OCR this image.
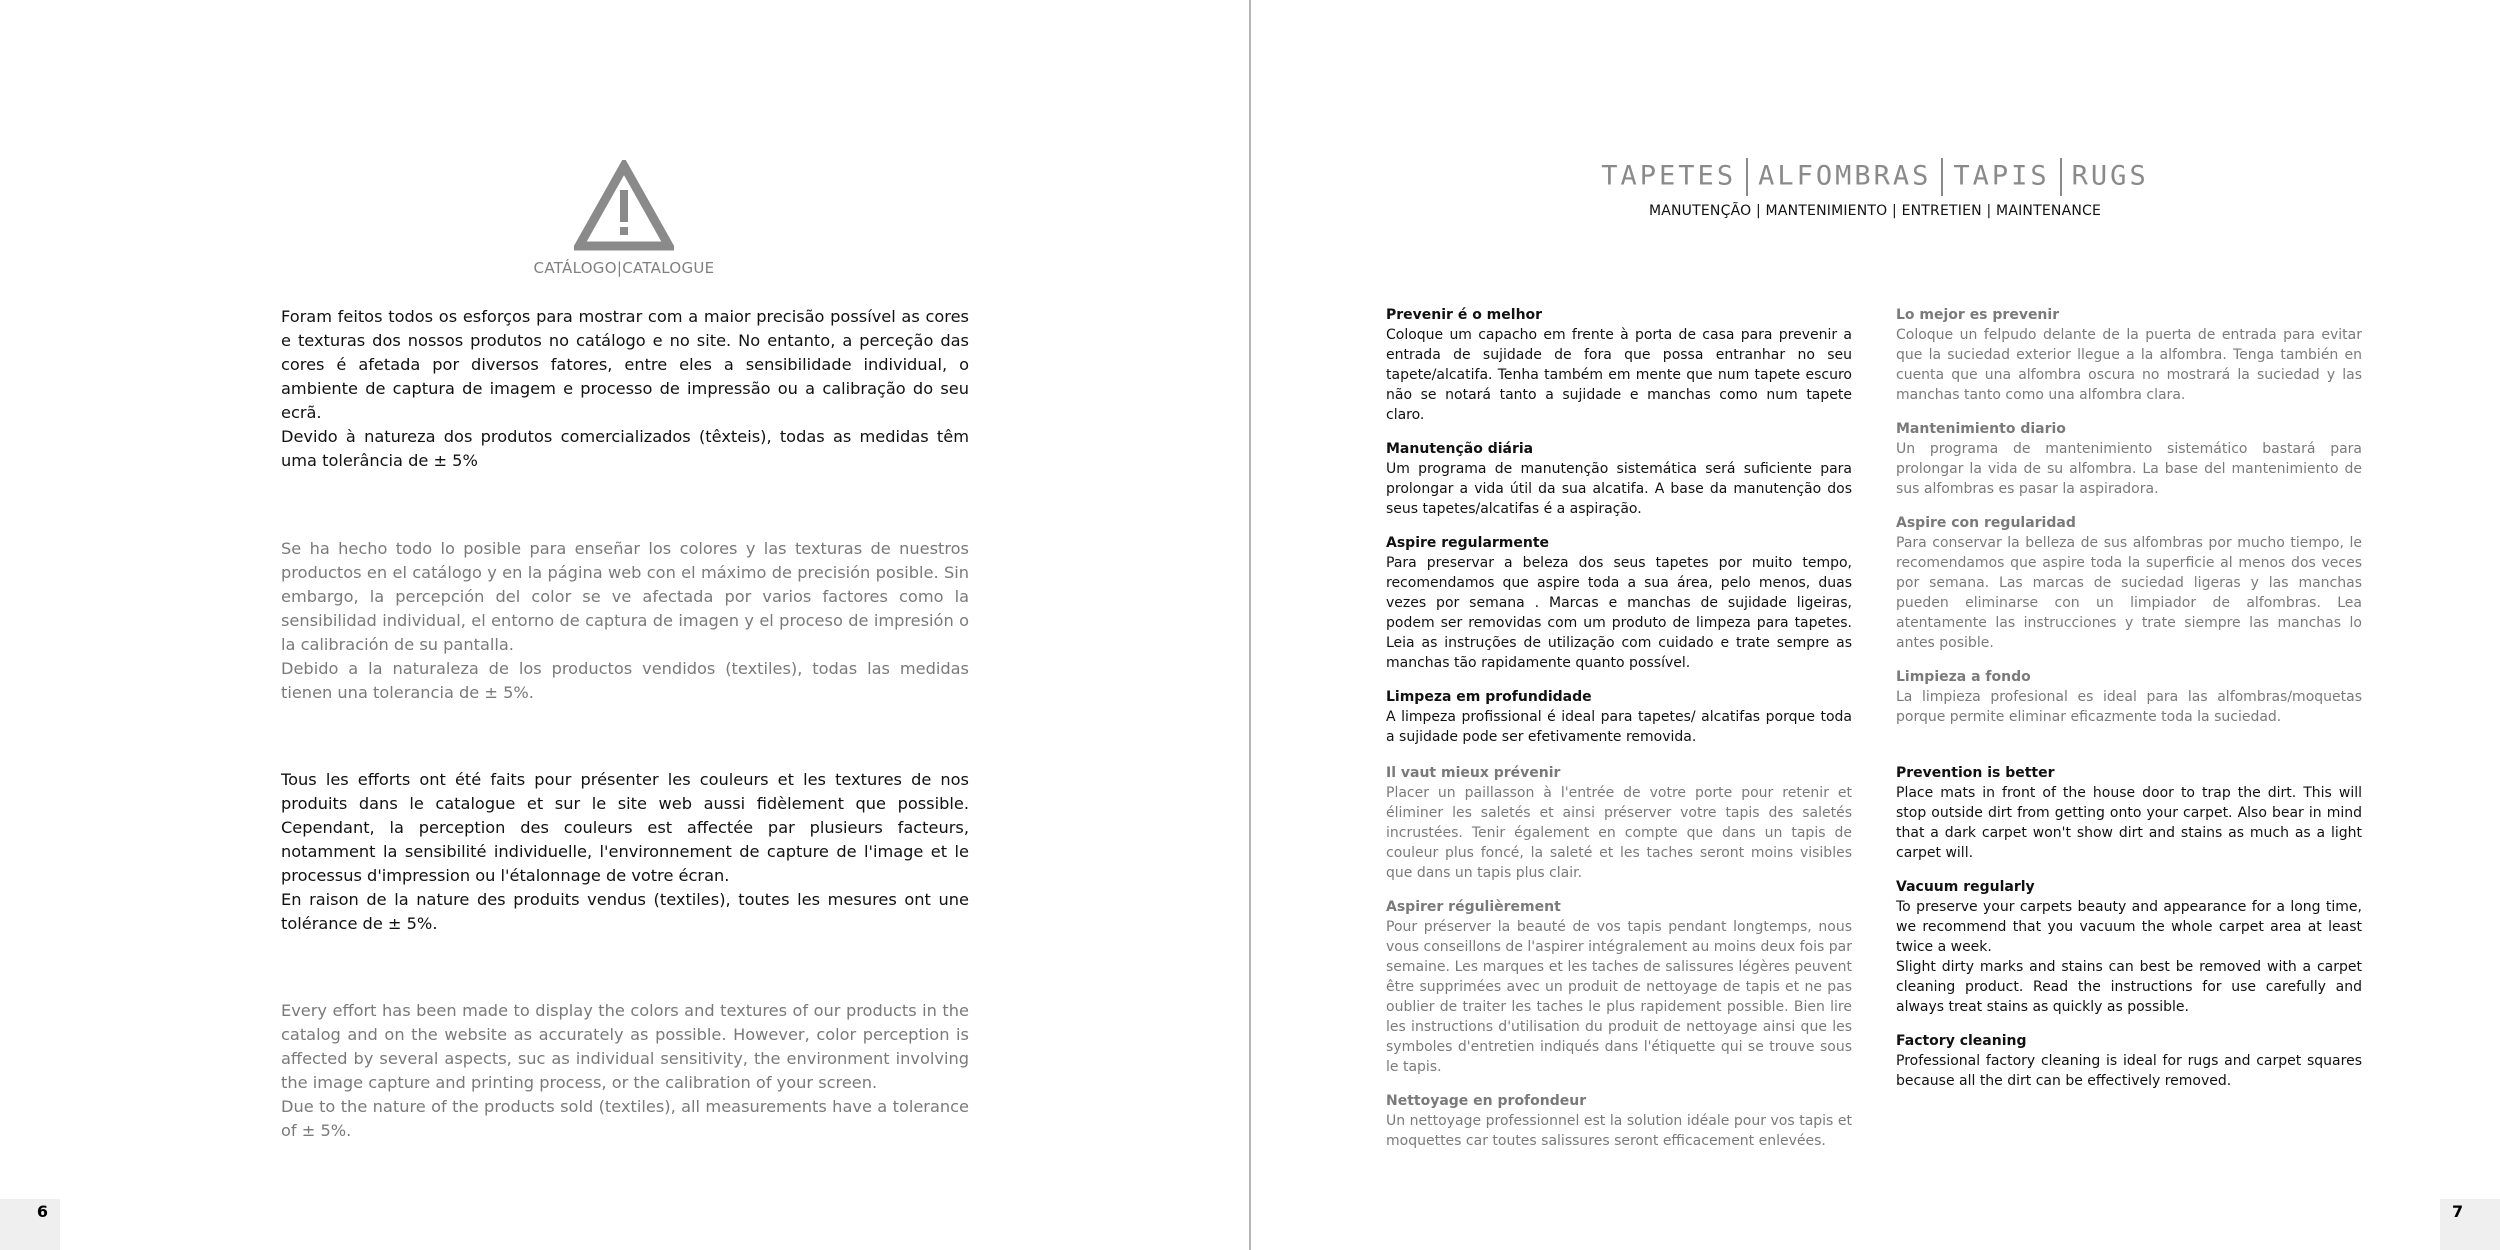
CATÁLOGO|CATALOGUE

Foram feitos todos os esforços para mostrar com a maior precisão possível as cores e texturas dos nossos produtos no catálogo e no site. No entanto, a perceção das cores é afetada por diversos fatores, entre eles a sensibilidade individual, o ambiente de captura de imagem e processo de impressão ou a calibração do seu ecrã.

Devido à natureza dos produtos comercializados (têxteis), todas as medidas têm uma tolerância de ± 5%

Se ha hecho todo lo posible para enseñar los colores y las texturas de nuestros productos en el catálogo y en la página web con el máximo de precisión posible. Sin embargo, la percepción del color se ve afectada por varios factores como la sensibilidad individual, el entorno de captura de imagen y el proceso de impresión o la calibración de su pantalla.

Debido a la naturaleza de los productos vendidos (textiles), todas las medidas tienen una tolerancia de ± 5%.

Tous les efforts ont été faits pour présenter les couleurs et les textures de nos produits dans le catalogue et sur le site web aussi fidèlement que possible. Cependant, la perception des couleurs est affectée par plusieurs facteurs, notamment la sensibilité individuelle, l'environnement de capture de l'image et le processus d'impression ou l'étalonnage de votre écran.

En raison de la nature des produits vendus (textiles), toutes les mesures ont une tolérance de ± 5%.

Every effort has been made to display the colors and textures of our products in the catalog and on the website as accurately as possible. However, color perception is affected by several aspects, suc as individual sensitivity, the environment involving the image capture and printing process, or the calibration of your screen.

Due to the nature of the products sold (textiles), all measurements have a tolerance of ± 5%.

6
TAPETES ALFOMBRAS TAPIS RUGS
MANUTENÇÃO | MANTENIMIENTO | ENTRETIEN | MAINTENANCE
Prevenir é o melhor
Coloque um capacho em frente à porta de casa para prevenir a entrada de sujidade de fora que possa entranhar no seu tapete/alcatifa. Tenha também em mente que num tapete escuro não se notará tanto a sujidade e manchas como num tapete claro.
Manutenção diária
Um programa de manutenção sistemática será suficiente para prolongar a vida útil da sua alcatifa. A base da manutenção dos seus tapetes/alcatifas é a aspiração.
Aspire regularmente
Para preservar a beleza dos seus tapetes por muito tempo, recomendamos que aspire toda a sua área, pelo menos, duas vezes por semana . Marcas e manchas de sujidade ligeiras, podem ser removidas com um produto de limpeza para tapetes. Leia as instruções de utilização com cuidado e trate sempre as manchas tão rapidamente quanto possível.
Limpeza em profundidade
A limpeza profissional é ideal para tapetes/ alcatifas porque toda a sujidade pode ser efetivamente removida.
Lo mejor es prevenir
Coloque un felpudo delante de la puerta de entrada para evitar que la suciedad exterior llegue a la alfombra. Tenga también en cuenta que una alfombra oscura no mostrará la suciedad y las manchas tanto como una alfombra clara.
Mantenimiento diario
Un programa de mantenimiento sistemático bastará para prolongar la vida de su alfombra. La base del mantenimiento de sus alfombras es pasar la aspiradora.
Aspire con regularidad
Para conservar la belleza de sus alfombras por mucho tiempo, le recomendamos que aspire toda la superficie al menos dos veces por semana. Las marcas de suciedad ligeras y las manchas pueden eliminarse con un limpiador de alfombras. Lea atentamente las instrucciones y trate siempre las manchas lo antes posible.
Limpieza a fondo
La limpieza profesional es ideal para las alfombras/moquetas porque permite eliminar eficazmente toda la suciedad.
Il vaut mieux prévenir
Placer un paillasson à l'entrée de votre porte pour retenir et éliminer les saletés et ainsi préserver votre tapis des saletés incrustées. Tenir également en compte que dans un tapis de couleur plus foncé, la saleté et les taches seront moins visibles que dans un tapis plus clair.
Aspirer régulièrement
Pour préserver la beauté de vos tapis pendant longtemps, nous vous conseillons de l'aspirer intégralement au moins deux fois par semaine. Les marques et les taches de salissures légères peuvent être supprimées avec un produit de nettoyage de tapis et ne pas oublier de traiter les taches le plus rapidement possible. Bien lire les instructions d'utilisation du produit de nettoyage ainsi que les symboles d'entretien indiqués dans l'étiquette qui se trouve sous le tapis.
Nettoyage en profondeur
Un nettoyage professionnel est la solution idéale pour vos tapis et moquettes car toutes salissures seront efficacement enlevées.
Prevention is better
Place mats in front of the house door to trap the dirt. This will stop outside dirt from getting onto your carpet. Also bear in mind that a dark carpet won't show dirt and stains as much as a light carpet will.
Vacuum regularly
To preserve your carpets beauty and appearance for a long time, we recommend that you vacuum the whole carpet area at least twice a week.
Slight dirty marks and stains can best be removed with a carpet cleaning product. Read the instructions for use carefully and always treat stains as quickly as possible.
Factory cleaning
Professional factory cleaning is ideal for rugs and carpet squares because all the dirt can be effectively removed.
7
